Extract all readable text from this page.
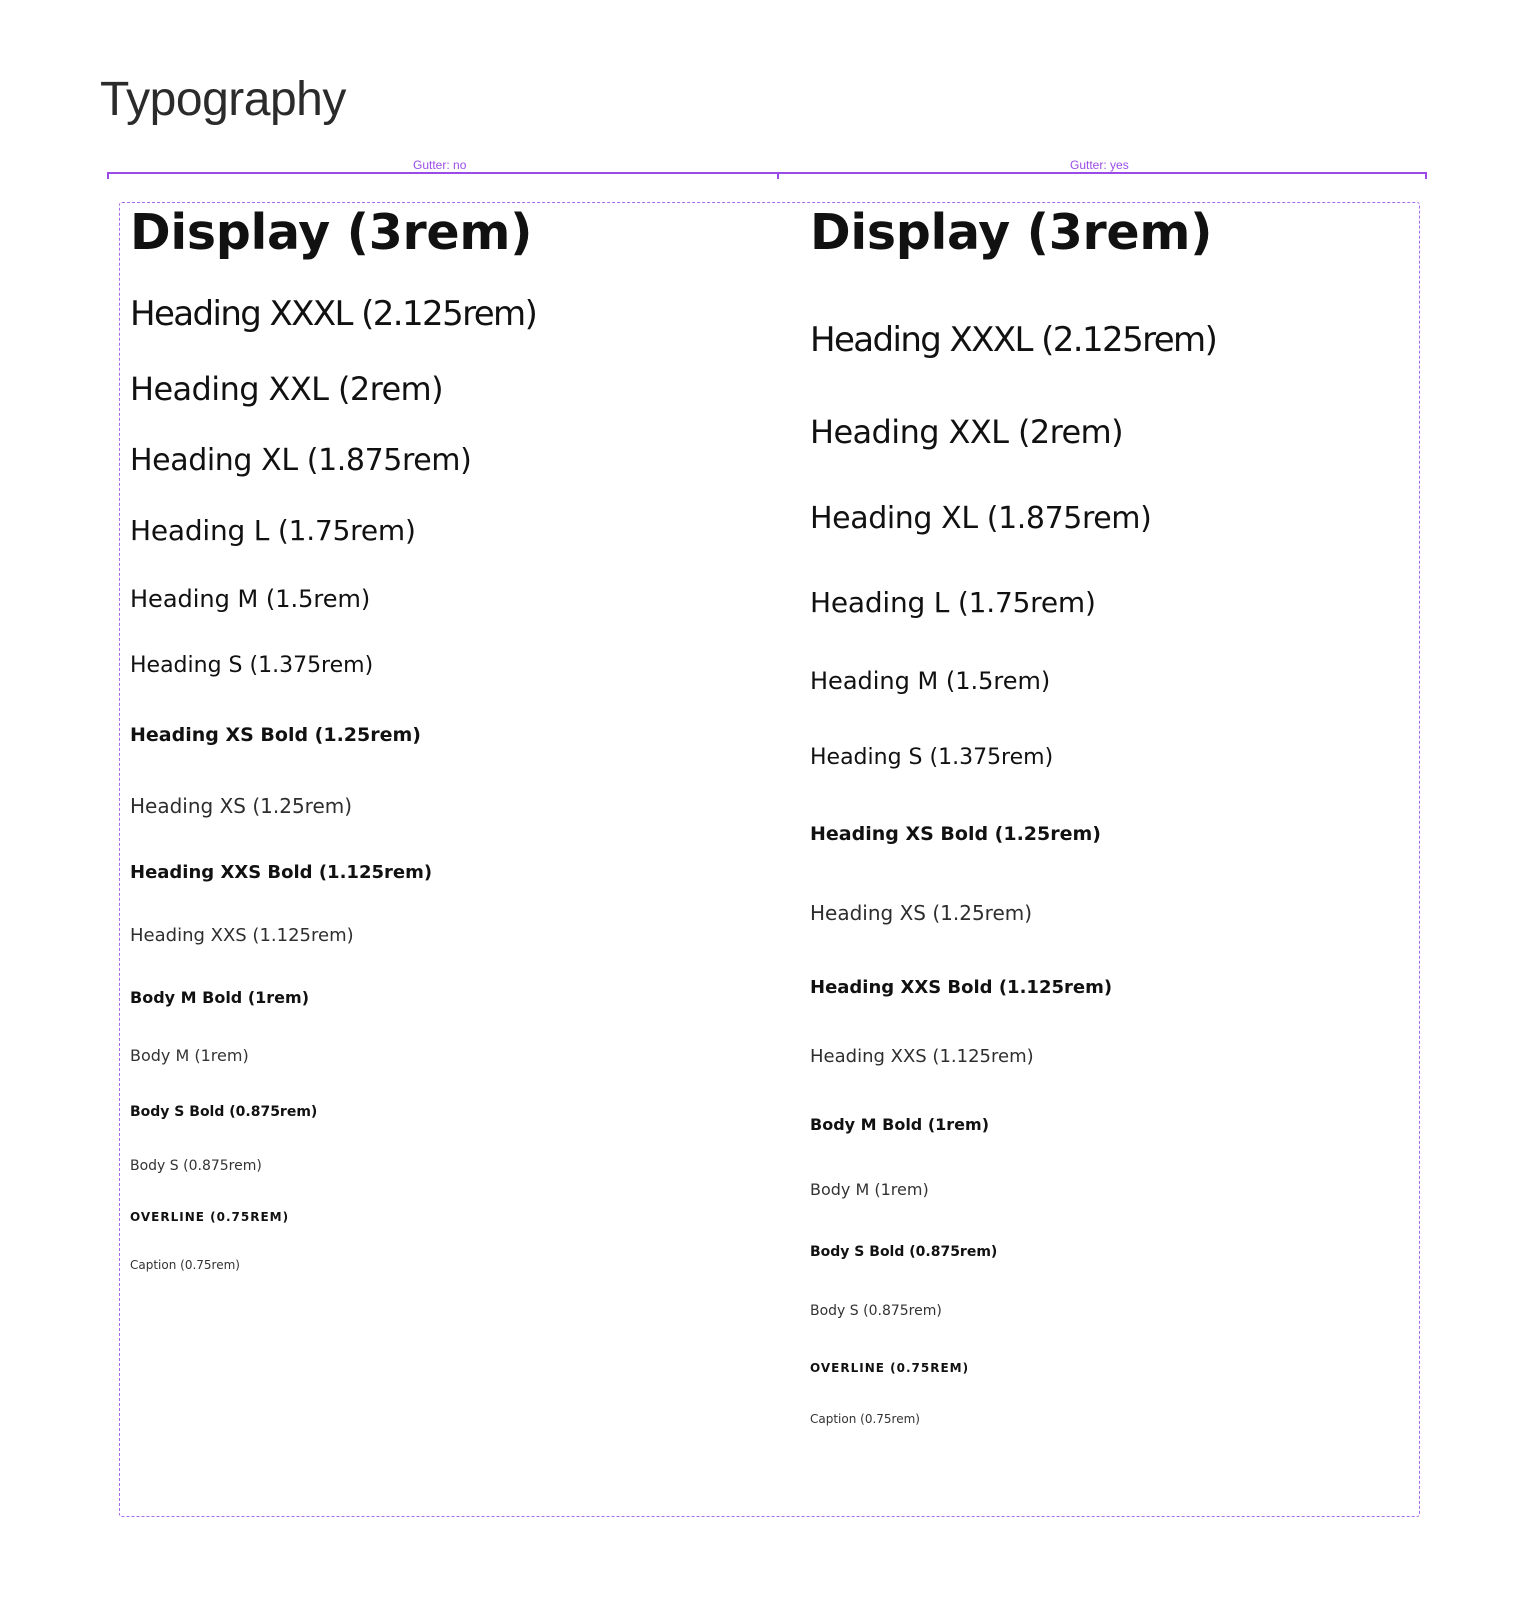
Typography
Gutter: no	Gutter: yes
Display (3rem)
Heading XXXL (2.125rem)
Heading XXL (2rem)
Heading XL (1.875rem)
Heading L (1.75rem)
Heading M (1.5rem)
Heading S (1.375rem)
Heading XS Bold (1.25rem)
Heading XS (1.25rem)
Heading XXS Bold (1.125rem)
Heading XXS (1.125rem)
Body M Bold (1rem)
Body M (1rem)
Body S Bold (0.875rem)
Body S (0.875rem)
OVERLINE (0.75REM)
Caption (0.75rem)
Display (3rem)
Heading XXXL (2.125rem)
Heading XXL (2rem)
Heading XL (1.875rem)
Heading L (1.75rem)
Heading M (1.5rem)
Heading S (1.375rem)
Heading XS Bold (1.25rem)
Heading XS (1.25rem)
Heading XXS Bold (1.125rem)
Heading XXS (1.125rem)
Body M Bold (1rem)
Body M (1rem)
Body S Bold (0.875rem)
Body S (0.875rem)
OVERLINE (0.75REM)
Caption (0.75rem)
